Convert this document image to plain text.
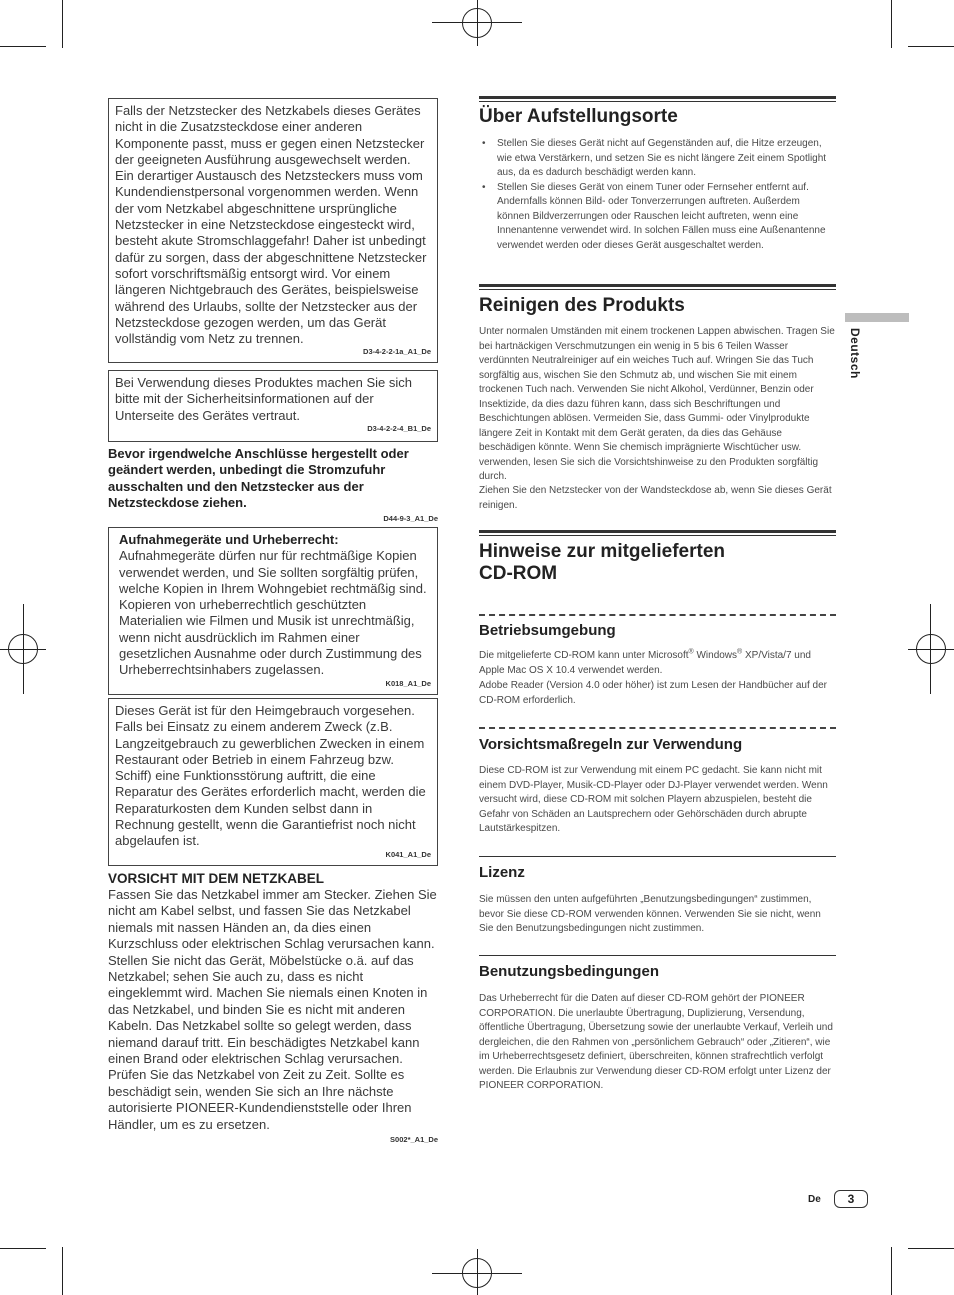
Falls der Netzstecker des Netzkabels dieses Gerätes nicht in die Zusatzsteckdose einer anderen Komponente passt, muss er gegen einen Netzstecker der geeigneten Ausführung ausgewechselt werden. Ein derartiger Austausch des Netzsteckers muss vom Kundendienstpersonal vorgenommen werden. Wenn der vom Netzkabel abgeschnittene ursprüngliche Netzstecker in eine Netzsteckdose eingesteckt wird, besteht akute Stromschlaggefahr! Daher ist unbedingt dafür zu sorgen, dass der abgeschnittene Netzstecker sofort vorschriftsmäßig entsorgt wird. Vor einem längeren Nichtgebrauch des Gerätes, beispielsweise während des Urlaubs, sollte der Netzstecker aus der Netzsteckdose gezogen werden, um das Gerät vollständig vom Netz zu trennen.
D3-4-2-2-1a_A1_De
Bei Verwendung dieses Produktes machen Sie sich bitte mit der Sicherheitsinformationen auf der Unterseite des Gerätes vertraut.
D3-4-2-2-4_B1_De
Bevor irgendwelche Anschlüsse hergestellt oder geändert werden, unbedingt die Stromzufuhr ausschalten und den Netzstecker aus der Netzsteckdose ziehen.
D44-9-3_A1_De
Aufnahmegeräte und Urheberrecht:
Aufnahmegeräte dürfen nur für rechtmäßige Kopien verwendet werden, und Sie sollten sorgfältig prüfen, welche Kopien in Ihrem Wohngebiet rechtmäßig sind. Kopieren von urheberrechtlich geschützten Materialien wie Filmen und Musik ist unrechtmäßig, wenn nicht ausdrücklich im Rahmen einer gesetzlichen Ausnahme oder durch Zustimmung des Urheberrechtsinhabers zugelassen.
K018_A1_De
Dieses Gerät ist für den Heimgebrauch vorgesehen. Falls bei Einsatz zu einem anderem Zweck (z.B. Langzeitgebrauch zu gewerblichen Zwecken in einem Restaurant oder Betrieb in einem Fahrzeug bzw. Schiff) eine Funktionsstörung auftritt, die eine Reparatur des Gerätes erforderlich macht, werden die Reparaturkosten dem Kunden selbst dann in Rechnung gestellt, wenn die Garantiefrist noch nicht abgelaufen ist.
K041_A1_De
VORSICHT MIT DEM NETZKABEL
Fassen Sie das Netzkabel immer am Stecker. Ziehen Sie nicht am Kabel selbst, und fassen Sie das Netzkabel niemals mit nassen Händen an, da dies einen Kurzschluss oder elektrischen Schlag verursachen kann. Stellen Sie nicht das Gerät, Möbelstücke o.ä. auf das Netzkabel; sehen Sie auch zu, dass es nicht eingeklemmt wird. Machen Sie niemals einen Knoten in das Netzkabel, und binden Sie es nicht mit anderen Kabeln. Das Netzkabel sollte so gelegt werden, dass niemand darauf tritt. Ein beschädigtes Netzkabel kann einen Brand oder elektrischen Schlag verursachen. Prüfen Sie das Netzkabel von Zeit zu Zeit. Sollte es beschädigt sein, wenden Sie sich an Ihre nächste autorisierte PIONEER-Kundendienststelle oder Ihren Händler, um es zu ersetzen.
S002*_A1_De
Über Aufstellungsorte
• Stellen Sie dieses Gerät nicht auf Gegenständen auf, die Hitze erzeugen, wie etwa Verstärkern, und setzen Sie es nicht längere Zeit einem Spotlight aus, da es dadurch beschädigt werden kann.
• Stellen Sie dieses Gerät von einem Tuner oder Fernseher entfernt auf. Andernfalls können Bild- oder Tonverzerrungen auftreten. Außerdem können Bildverzerrungen oder Rauschen leicht auftreten, wenn eine Innenantenne verwendet wird. In solchen Fällen muss eine Außenantenne verwendet werden oder dieses Gerät ausgeschaltet werden.
Reinigen des Produkts
Unter normalen Umständen mit einem trockenen Lappen abwischen. Tragen Sie bei hartnäckigen Verschmutzungen ein wenig in 5 bis 6 Teilen Wasser verdünnten Neutralreiniger auf ein weiches Tuch auf. Wringen Sie das Tuch sorgfältig aus, wischen Sie den Schmutz ab, und wischen Sie mit einem trockenen Tuch nach. Verwenden Sie nicht Alkohol, Verdünner, Benzin oder Insektizide, da dies dazu führen kann, dass sich Beschriftungen und Beschichtungen ablösen. Vermeiden Sie, dass Gummi- oder Vinylprodukte längere Zeit in Kontakt mit dem Gerät geraten, da dies das Gehäuse beschädigen könnte. Wenn Sie chemisch imprägnierte Wischtücher usw. verwenden, lesen Sie sich die Vorsichtshinweise zu den Produkten sorgfältig durch.
Ziehen Sie den Netzstecker von der Wandsteckdose ab, wenn Sie dieses Gerät reinigen.
Hinweise zur mitgelieferten
CD-ROM
Betriebsumgebung
Die mitgelieferte CD-ROM kann unter Microsoft® Windows® XP/Vista/7 und Apple Mac OS X 10.4 verwendet werden.
Adobe Reader (Version 4.0 oder höher) ist zum Lesen der Handbücher auf der CD-ROM erforderlich.
Vorsichtsmaßregeln zur Verwendung
Diese CD-ROM ist zur Verwendung mit einem PC gedacht. Sie kann nicht mit einem DVD-Player, Musik-CD-Player oder DJ-Player verwendet werden. Wenn versucht wird, diese CD-ROM mit solchen Playern abzuspielen, besteht die Gefahr von Schäden an Lautsprechern oder Gehörschäden durch abrupte Lautstärkespitzen.
Lizenz
Sie müssen den unten aufgeführten „Benutzungsbedingungen“ zustimmen, bevor Sie diese CD-ROM verwenden können. Verwenden Sie sie nicht, wenn Sie den Benutzungsbedingungen nicht zustimmen.
Benutzungsbedingungen
Das Urheberrecht für die Daten auf dieser CD-ROM gehört der PIONEER CORPORATION. Die unerlaubte Übertragung, Duplizierung, Versendung, öffentliche Übertragung, Übersetzung sowie der unerlaubte Verkauf, Verleih und dergleichen, die den Rahmen von „persönlichem Gebrauch“ oder „Zitieren“, wie im Urheberrechtsgesetz definiert, überschreiten, können strafrechtlich verfolgt werden. Die Erlaubnis zur Verwendung dieser CD-ROM erfolgt unter Lizenz der PIONEER CORPORATION.
Deutsch
De	3
